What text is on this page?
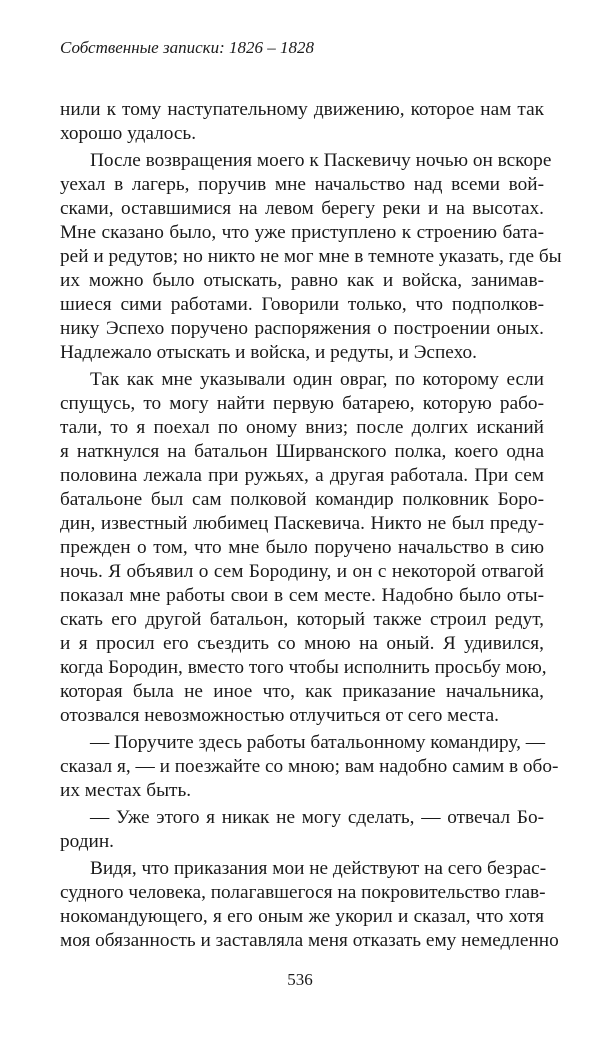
Собственные записки: 1826 – 1828
нили к тому наступательному движению, которое нам так
хорошо удалось.
После возвращения моего к Паскевичу ночью он вскоре
уехал в лагерь, поручив мне начальство над всеми вой-
сками, оставшимися на левом берегу реки и на высотах.
Мне сказано было, что уже приступлено к строению бата-
рей и редутов; но никто не мог мне в темноте указать, где бы
их можно было отыскать, равно как и войска, занимав-
шиеся сими работами. Говорили только, что подполков-
нику Эспехо поручено распоряжения о построении оных.
Надлежало отыскать и войска, и редуты, и Эспехо.
Так как мне указывали один овраг, по которому если
спущусь, то могу найти первую батарею, которую рабо-
тали, то я поехал по оному вниз; после долгих исканий
я наткнулся на батальон Ширванского полка, коего одна
половина лежала при ружьях, а другая работала. При сем
батальоне был сам полковой командир полковник Боро-
дин, известный любимец Паскевича. Никто не был преду-
прежден о том, что мне было поручено начальство в сию
ночь. Я объявил о сем Бородину, и он с некоторой отвагой
показал мне работы свои в сем месте. Надобно было оты-
скать его другой батальон, который также строил редут,
и я просил его съездить со мною на оный. Я удивился,
когда Бородин, вместо того чтобы исполнить просьбу мою,
которая была не иное что, как приказание начальника,
отозвался невозможностью отлучиться от сего места.
— Поручите здесь работы батальонному командиру, —
сказал я, — и поезжайте со мною; вам надобно самим в обо-
их местах быть.
— Уже этого я никак не могу сделать, — отвечал Бо-
родин.
Видя, что приказания мои не действуют на сего безрас-
судного человека, полагавшегося на покровительство глав-
нокомандующего, я его оным же укорил и сказал, что хотя
моя обязанность и заставляла меня отказать ему немедленно
536
